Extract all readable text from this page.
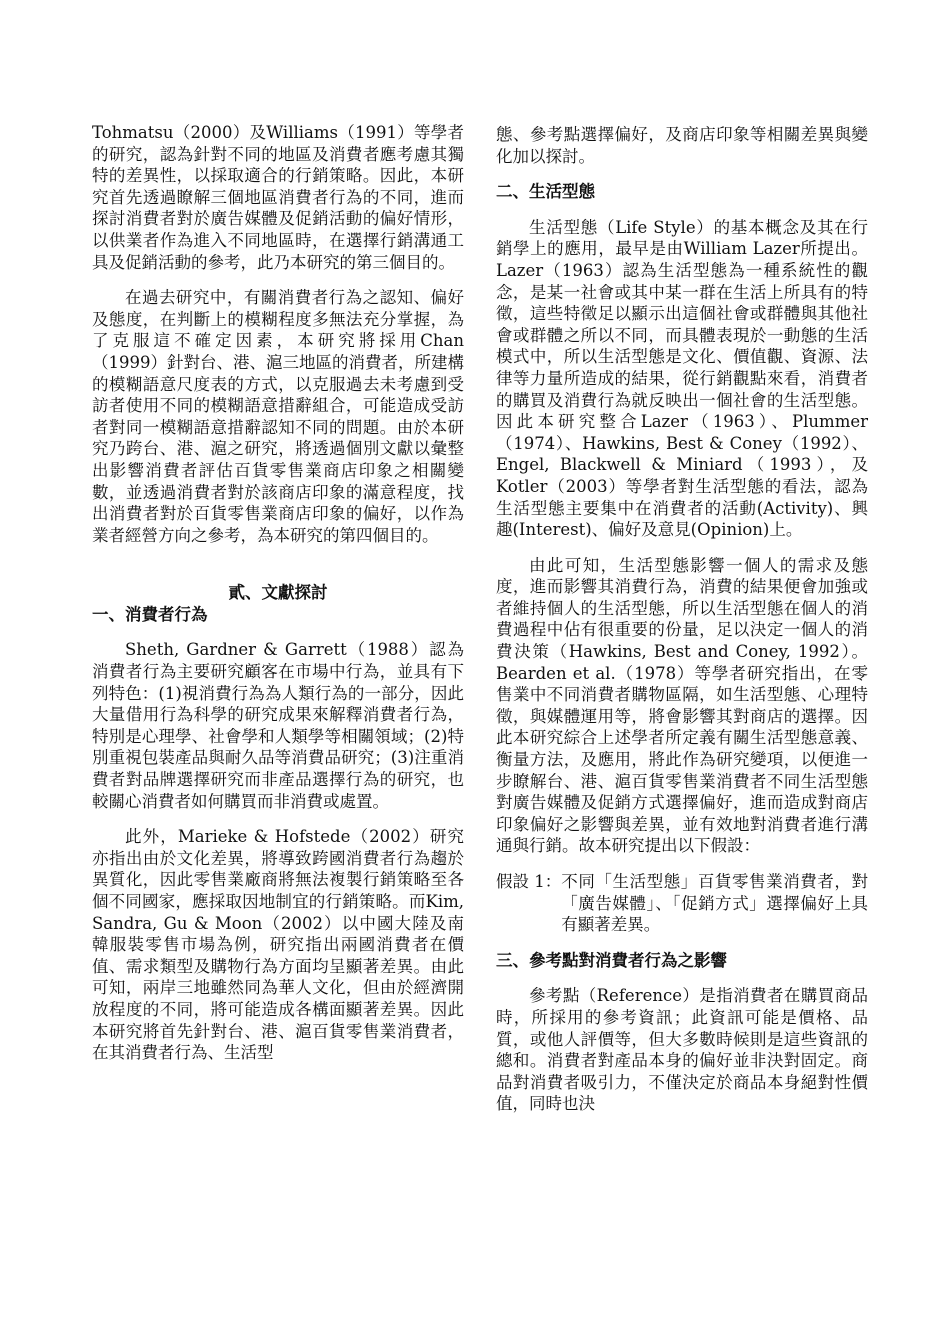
Tohmatsu（2000）及Williams（1991）等學者的研究，認為針對不同的地區及消費者應考慮其獨特的差異性，以採取適合的行銷策略。因此，本研究首先透過瞭解三個地區消費者行為的不同，進而探討消費者對於廣告媒體及促銷活動的偏好情形，以供業者作為進入不同地區時，在選擇行銷溝通工具及促銷活動的參考，此乃本研究的第三個目的。

在過去研究中，有關消費者行為之認知、偏好及態度，在判斷上的模糊程度多無法充分掌握，為了克服這不確定因素，本研究將採用Chan（1999）針對台、港、滬三地區的消費者，所建構的模糊語意尺度表的方式，以克服過去未考慮到受訪者使用不同的模糊語意措辭組合，可能造成受訪者對同一模糊語意措辭認知不同的問題。由於本研究乃跨台、港、滬之研究，將透過個別文獻以彙整出影響消費者評估百貨零售業商店印象之相關變數，並透過消費者對於該商店印象的滿意程度，找出消費者對於百貨零售業商店印象的偏好，以作為業者經營方向之參考，為本研究的第四個目的。

貳、文獻探討

一、消費者行為

Sheth, Gardner & Garrett（1988）認為消費者行為主要研究顧客在市場中行為，並具有下列特色：(1)視消費行為為人類行為的一部分，因此大量借用行為科學的研究成果來解釋消費者行為，特別是心理學、社會學和人類學等相關領域；(2)特別重視包裝產品與耐久品等消費品研究；(3)注重消費者對品牌選擇研究而非產品選擇行為的研究，也較關心消費者如何購買而非消費或處置。

此外，Marieke & Hofstede（2002）研究亦指出由於文化差異，將導致跨國消費者行為趨於異質化，因此零售業廠商將無法複製行銷策略至各個不同國家，應採取因地制宜的行銷策略。而Kim, Sandra, Gu & Moon（2002）以中國大陸及南韓服裝零售市場為例，研究指出兩國消費者在價值、需求類型及購物行為方面均呈顯著差異。由此可知，兩岸三地雖然同為華人文化，但由於經濟開放程度的不同，將可能造成各構面顯著差異。因此本研究將首先針對台、港、滬百貨零售業消費者，在其消費者行為、生活型

態、參考點選擇偏好，及商店印象等相關差異與變化加以探討。

二、生活型態

生活型態（Life Style）的基本概念及其在行銷學上的應用，最早是由William Lazer所提出。Lazer（1963）認為生活型態為一種系統性的觀念，是某一社會或其中某一群在生活上所具有的特徵，這些特徵足以顯示出這個社會或群體與其他社會或群體之所以不同，而具體表現於一動態的生活模式中，所以生活型態是文化、價值觀、資源、法律等力量所造成的結果，從行銷觀點來看，消費者的購買及消費行為就反映出一個社會的生活型態。因此本研究整合Lazer（1963）、Plummer（1974）、Hawkins, Best & Coney（1992）、Engel, Blackwell & Miniard（1993），及Kotler（2003）等學者對生活型態的看法，認為生活型態主要集中在消費者的活動(Activity)、興趣(Interest)、偏好及意見(Opinion)上。

由此可知，生活型態影響一個人的需求及態度，進而影響其消費行為，消費的結果便會加強或者維持個人的生活型態，所以生活型態在個人的消費過程中佔有很重要的份量，足以決定一個人的消費決策（Hawkins, Best and Coney, 1992）。Bearden et al.（1978）等學者研究指出，在零售業中不同消費者購物區隔，如生活型態、心理特徵，與媒體運用等，將會影響其對商店的選擇。因此本研究綜合上述學者所定義有關生活型態意義、衡量方法，及應用，將此作為研究變項，以便進一步瞭解台、港、滬百貨零售業消費者不同生活型態對廣告媒體及促銷方式選擇偏好，進而造成對商店印象偏好之影響與差異，並有效地對消費者進行溝通與行銷。故本研究提出以下假設：

假設 1： 不同「生活型態」百貨零售業消費者，對「廣告媒體」、「促銷方式」選擇偏好上具有顯著差異。

三、參考點對消費者行為之影響

參考點（Reference）是指消費者在購買商品時，所採用的參考資訊；此資訊可能是價格、品質，或他人評價等，但大多數時候則是這些資訊的總和。消費者對產品本身的偏好並非決對固定。商品對消費者吸引力，不僅決定於商品本身絕對性價值，同時也決
